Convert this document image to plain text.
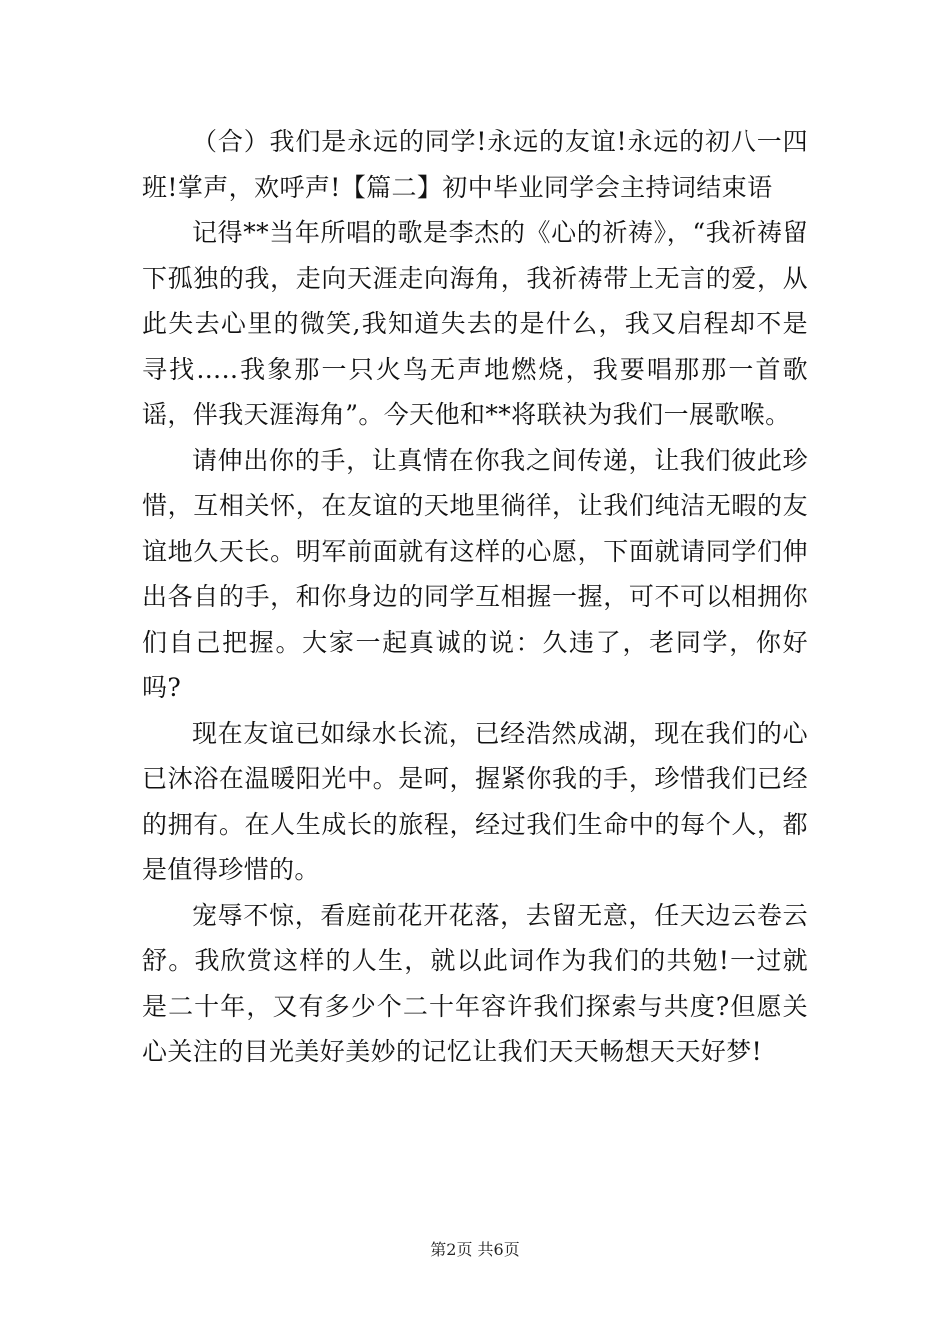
（合）我们是永远的同学!永远的友谊!永远的初八一四班!掌声，欢呼声!【篇二】初中毕业同学会主持词结束语

记得**当年所唱的歌是李杰的《心的祈祷》，“我祈祷留下孤独的我，走向天涯走向海角，我祈祷带上无言的爱，从此失去心里的微笑,我知道失去的是什么，我又启程却不是寻找…..我象那一只火鸟无声地燃烧，我要唱那那一首歌谣，伴我天涯海角”。今天他和**将联袂为我们一展歌喉。

请伸出你的手，让真情在你我之间传递，让我们彼此珍惜，互相关怀，在友谊的天地里徜徉，让我们纯洁无暇的友谊地久天长。明军前面就有这样的心愿，下面就请同学们伸出各自的手，和你身边的同学互相握一握，可不可以相拥你们自己把握。大家一起真诚的说：久违了，老同学，你好吗?

现在友谊已如绿水长流，已经浩然成湖，现在我们的心已沐浴在温暖阳光中。是呵，握紧你我的手，珍惜我们已经的拥有。在人生成长的旅程，经过我们生命中的每个人，都是值得珍惜的。

宠辱不惊，看庭前花开花落，去留无意，任天边云卷云舒。我欣赏这样的人生，就以此词作为我们的共勉!一过就是二十年，又有多少个二十年容许我们探索与共度?但愿关心关注的目光美好美妙的记忆让我们天天畅想天天好梦!

第2页 共6页
